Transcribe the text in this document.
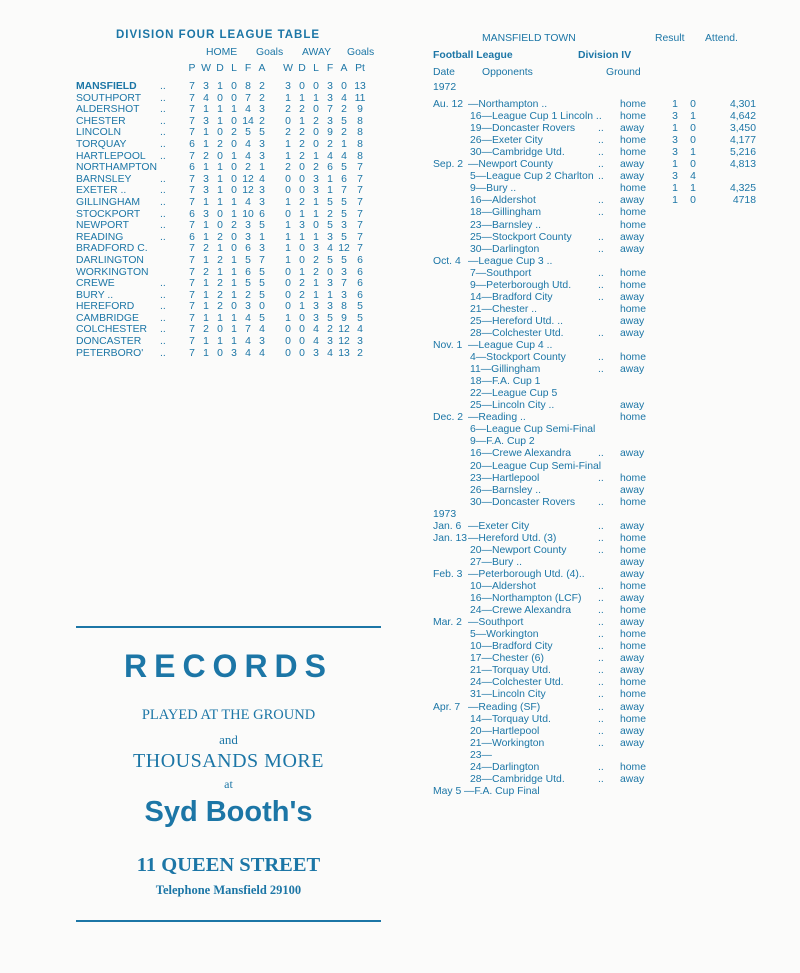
DIVISION FOUR LEAGUE TABLE
HOME Goals AWAY Goals
P W D L F A W D L F A Pt
MANSFIELD .. 7 3 1 0 8 2 3 0 0 3 0 13
SOUTHPORT .. 7 4 0 0 7 2 1 1 1 3 4 11
ALDERSHOT .. 7 1 1 1 4 3 2 2 0 7 2 9
CHESTER	.. 7 3 1 0 14 2 0 1 2 3 5 8
LINCOLN	.. 7 1 0 2 5 5 2 2 0 9 2 8
TORQUAY	.. 6 1 2 0 4 3 1 2 0 2 1 8
HARTLEPOOL .. 7 2 0 1 4 3 1 2 1 4 4 8
NORTHAMPTON	6 1 1 0 2 1 2 0 2 6 5 7
BARNSLEY	.. 7 3 1 0 12 4 0 0 3 1 6 7
EXETER ..	.. 7 3 1 0 12 3 0 0 3 1 7 7
GILLINGHAM .. 7 1 1 1 4 3 1 2 1 5 5 7
STOCKPORT .. 6 3 0 1 10 6 0 1 1 2 5 7
NEWPORT	.. 7 1 0 2 3 5 1 3 0 5 3 7
READING	.. 6 1 2 0 3 1 1 1 1 3 5 7
BRADFORD C.	7 2 1 0 6 3 1 0 3 4 12 7
DARLINGTON	7 1 2 1 5 7 1 0 2 5 5 6
WORKINGTON	7 2 1 1 6 5 0 1 2 0 3 6
CREWE	.. 7 1 2 1 5 5 0 2 1 3 7 6
BURY ..	.. 7 1 2 1 2 5 0 2 1 1 3 6
HEREFORD .. 7 1 2 0 3 0 0 1 3 3 8 5
CAMBRIDGE .. 7 1 1 1 4 5 1 0 3 5 9 5
COLCHESTER .. 7 2 0 1 7 4 0 0 4 2 12 4
DONCASTER .. 7 1 1 1 4 3 0 0 4 3 12 3
PETERBORO' .. 7 1 0 3 4 4 0 0 3 4 13 2
RECORDS
PLAYED AT THE GROUND
and
THOUSANDS MORE
at
Syd Booth's
11 QUEEN STREET
Telephone Mansfield 29100
MANSFIELD TOWN	Result Attend.
Football League	Division IV
Date	Opponents	Ground
1972
Au. 12 —Northampton ..	home	1	0	4,301
16—League Cup 1 Lincoln .. home	3	1	4,642
19—Doncaster Rovers .. away	1	0	3,450
26—Exeter City	.. home	3	0	4,177
30—Cambridge Utd.	.. home	3	1	5,216
Sep. 2 —Newport County	.. away	1	0	4,813
5—League Cup 2 Charlton .. away	3	4
9—Bury ..	home	1	1	4,325
16—Aldershot	.. away	1	0	4718
18—Gillingham	.. home
23—Barnsley ..	home
25—Stockport County	.. away
30—Darlington	.. away
Oct. 4 —League Cup 3 ..
7—Southport	.. home
9—Peterborough Utd.	.. home
14—Bradford City	.. away
21—Chester ..	home
25—Hereford Utd. ..	away
28—Colchester Utd.	.. away
Nov. 1 —League Cup 4 ..
4—Stockport County	.. home
11—Gillingham	.. away
18—F.A. Cup 1
22—League Cup 5
25—Lincoln City ..	away
Dec. 2 —Reading ..	home
6—League Cup Semi-Final
9—F.A. Cup 2
16—Crewe Alexandra	.. away
20—League Cup Semi-Final
23—Hartlepool	.. home
26—Barnsley ..	away
30—Doncaster Rovers .. home
1973
Jan. 6 —Exeter City	.. away
Jan. 13 —Hereford Utd. (3)	.. home
20—Newport County	.. home
27—Bury ..	away
Feb. 3 —Peterborough Utd. (4)..	away
10—Aldershot	.. home
16—Northampton (LCF) .. away
24—Crewe Alexandra	.. home
Mar. 2 —Southport	.. away
5—Workington	.. home
10—Bradford City	.. home
17—Chester (6)	.. away
21—Torquay Utd.	.. away
24—Colchester Utd.	.. home
31—Lincoln City	.. home
Apr. 7 —Reading (SF)	.. away
14—Torquay Utd.	.. home
20—Hartlepool	.. away
21—Workington	.. away
23—
24—Darlington	.. home
28—Cambridge Utd.	.. away
May 5 —F.A. Cup Final
